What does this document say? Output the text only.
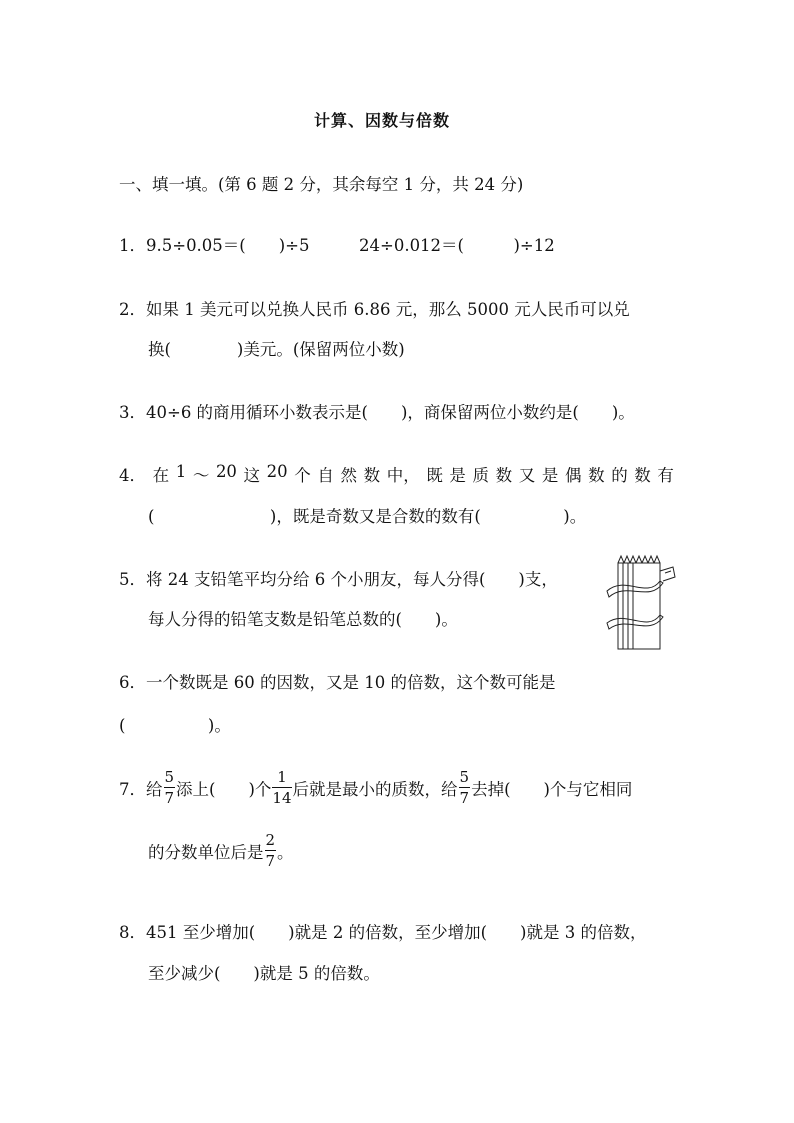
计算、因数与倍数
一、填一填。(第 6 题 2 分，其余每空 1 分，共 24 分)
1．9.5÷0.05＝(　　)÷5　　　24÷0.012＝(　　　)÷12
2．如果 1 美元可以兑换人民币 6.86 元，那么 5000 元人民币可以兑
换(　　　　)美元。(保留两位小数)
3．40÷6 的商用循环小数表示是(　　)，商保留两位小数约是(　　)。
4． 在 1 ～ 20 这 20 个 自 然 数 中， 既 是 质 数 又 是 偶 数 的 数 有
(　　　　　　　)，既是奇数又是合数的数有(　　　　　)。
5．将 24 支铅笔平均分给 6 个小朋友，每人分得(　　)支，
每人分得的铅笔支数是铅笔总数的(　　)。
6．一个数既是 60 的因数，又是 10 的倍数，这个数可能是
(　　　　　)。
7．给 $\frac{5}{7}$ 添上(　　)个 $\frac{1}{14}$ 后就是最小的质数，给 $\frac{5}{7}$ 去掉(　　)个与它相同
的分数单位后是 $\frac{2}{7}$ 。
8．451 至少增加(　　)就是 2 的倍数，至少增加(　　)就是 3 的倍数，
至少减少(　　)就是 5 的倍数。
